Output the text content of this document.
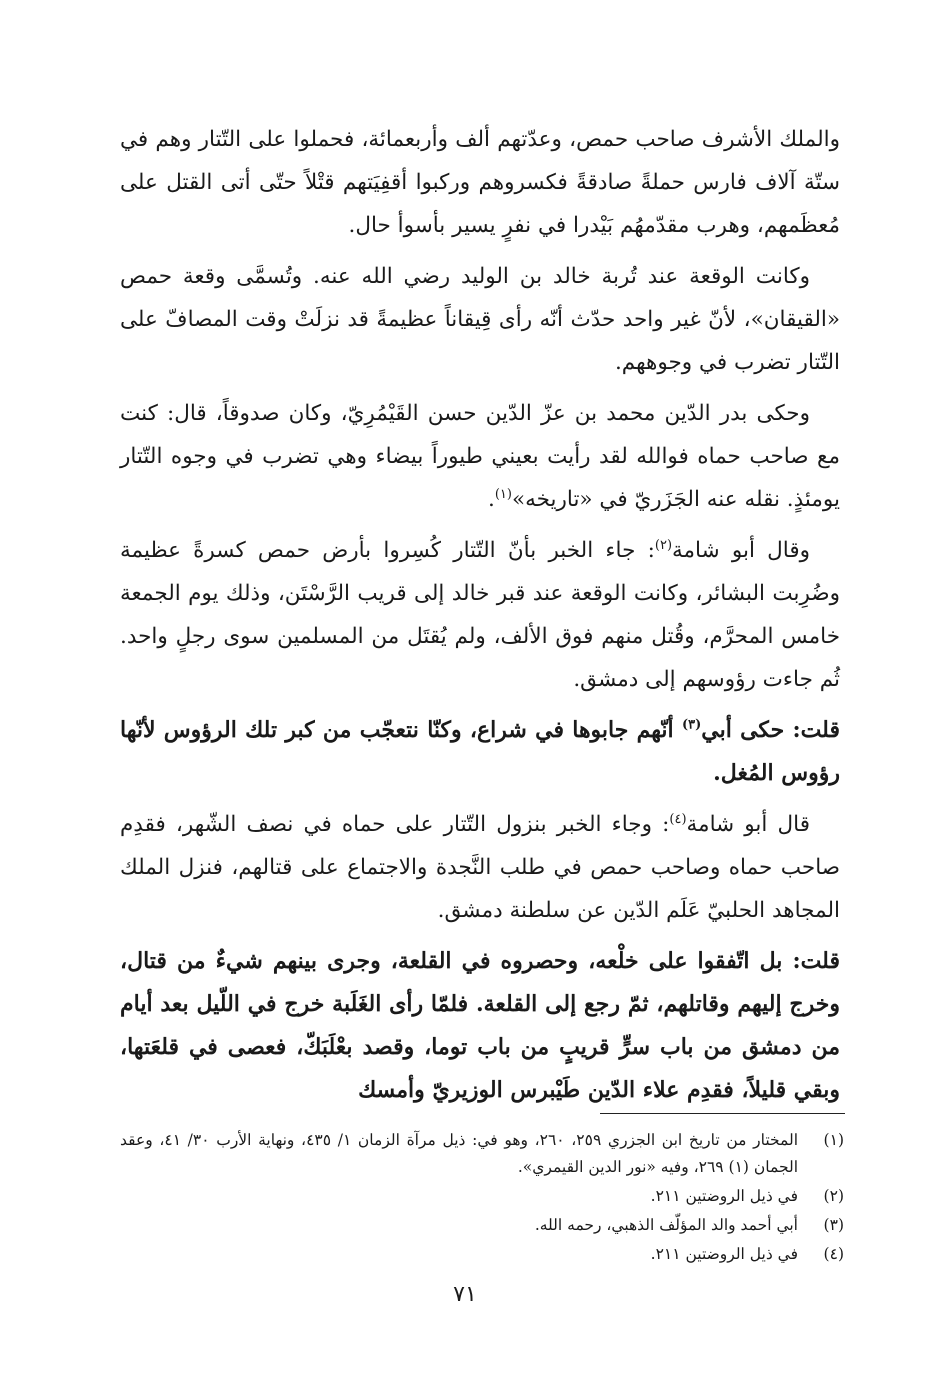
والملك الأشرف صاحب حمص، وعدّتهم ألف وأربعمائة، فحملوا على التّتار وهم في ستّة آلاف فارس حملةً صادقةً فكسروهم وركبوا أقفِيَتهم قتْلاً حتّى أتى القتل على مُعظَمهم، وهرب مقدّمهُم بَيْدرا في نفرٍ يسير بأسوأ حال.

وكانت الوقعة عند تُربة خالد بن الوليد رضي الله عنه. وتُسمَّى وقعة حمص «القيقان»، لأنّ غير واحد حدّث أنّه رأى قِيقاناً عظيمةً قد نزلَتْ وقت المصافّ على التّتار تضرب في وجوههم.

وحكى بدر الدّين محمد بن عزّ الدّين حسن القَيْمُرِيّ، وكان صدوقاً، قال: كنت مع صاحب حماه فوالله لقد رأيت بعيني طيوراً بيضاء وهي تضرب في وجوه التّتار يومئذٍ. نقله عنه الجَزَريّ في «تاريخه»$^{(١)}$.

وقال أبو شامة$^{(٢)}$: جاء الخبر بأنّ التّتار كُسِروا بأرض حمص كسرةً عظيمة وضُرِبت البشائر، وكانت الوقعة عند قبر خالد إلى قريب الرَّسْتَن، وذلك يوم الجمعة خامس المحرَّم، وقُتل منهم فوق الألف، ولم يُقتَل من المسلمين سوى رجلٍ واحد. ثُم جاءت رؤوسهم إلى دمشق.

قلت: حكى أبي$^{(٣)}$ أنّهم جابوها في شراع، وكنّا نتعجّب من كبر تلك الرؤوس لأنّها رؤوس المُغل.

قال أبو شامة$^{(٤)}$: وجاء الخبر بنزول التّتار على حماه في نصف الشّهر، فقدِم صاحب حماه وصاحب حمص في طلب النَّجدة والاجتماع على قتالهم، فنزل الملك المجاهد الحلبيّ عَلَم الدّين عن سلطنة دمشق.

قلت: بل اتّفقوا على خلْعه، وحصروه في القلعة، وجرى بينهم شيءٌ من قتال، وخرج إليهم وقاتلهم، ثمّ رجع إلى القلعة. فلمّا رأى الغَلَبة خرج في اللّيل بعد أيام من دمشق من باب سرٍّ قريبٍ من باب توما، وقصد بعْلَبَكّ، فعصى في قلعَتها، وبقي قليلاً، فقدِم علاء الدّين طَيْبرس الوزيريّ وأمسك

(١)
المختار من تاريخ ابن الجزري ٢٥٩، ٢٦٠، وهو في: ذيل مرآة الزمان ١/ ٤٣٥، ونهاية الأرب ٣٠/ ٤١، وعقد الجمان (١) ٢٦٩، وفيه «نور الدين القيمري».
(٢)
في ذيل الروضتين ٢١١.
(٣)
أبي أحمد والد المؤلّف الذهبي، رحمه الله.
(٤)
في ذيل الروضتين ٢١١.
٧١
